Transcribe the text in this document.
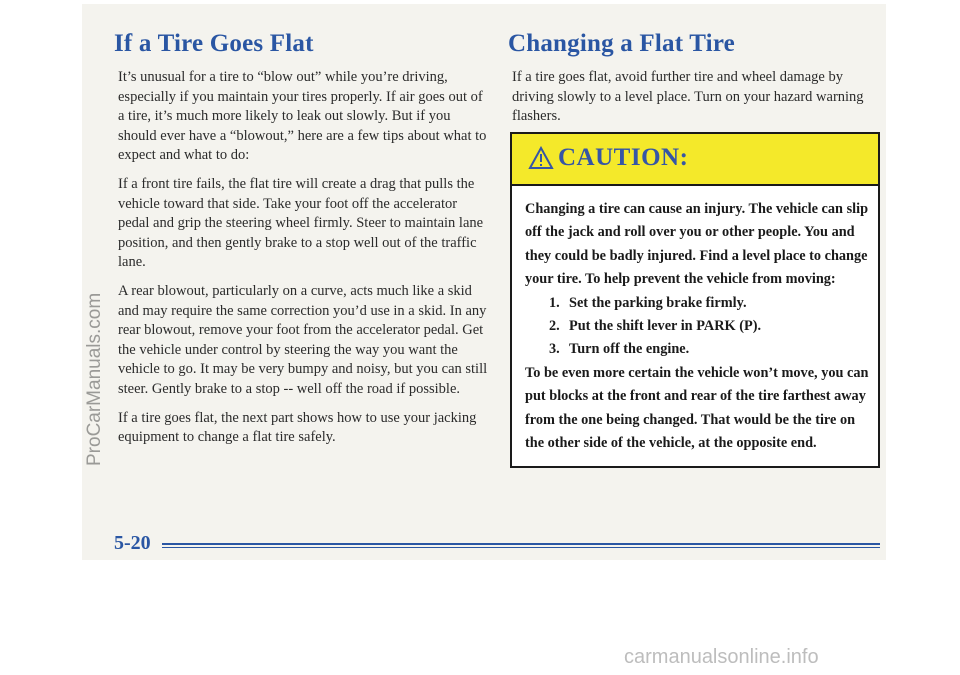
If a Tire Goes Flat

It’s unusual for a tire to “blow out” while you’re driving, especially if you maintain your tires properly. If air goes out of a tire, it’s much more likely to leak out slowly. But if you should ever have a “blowout,” here are a few tips about what to expect and what to do:

If a front tire fails, the flat tire will create a drag that pulls the vehicle toward that side. Take your foot off the accelerator pedal and grip the steering wheel firmly. Steer to maintain lane position, and then gently brake to a stop well out of the traffic lane.

A rear blowout, particularly on a curve, acts much like a skid and may require the same correction you’d use in a skid. In any rear blowout, remove your foot from the accelerator pedal. Get the vehicle under control by steering the way you want the vehicle to go. It may be very bumpy and noisy, but you can still steer. Gently brake to a stop -- well off the road if possible.

If a tire goes flat, the next part shows how to use your jacking equipment to change a flat tire safely.

Changing a Flat Tire

If a tire goes flat, avoid further tire and wheel damage by driving slowly to a level place. Turn on your hazard warning flashers.

CAUTION:

Changing a tire can cause an injury. The vehicle can slip off the jack and roll over you or other people. You and they could be badly injured. Find a level place to change your tire. To help prevent the vehicle from moving:

1. Set the parking brake firmly.
2. Put the shift lever in PARK (P).
3. Turn off the engine.

To be even more certain the vehicle won’t move, you can put blocks at the front and rear of the tire farthest away from the one being changed. That would be the tire on the other side of the vehicle, at the opposite end.

5-20
ProCarManuals.com
carmanualsonline.info
